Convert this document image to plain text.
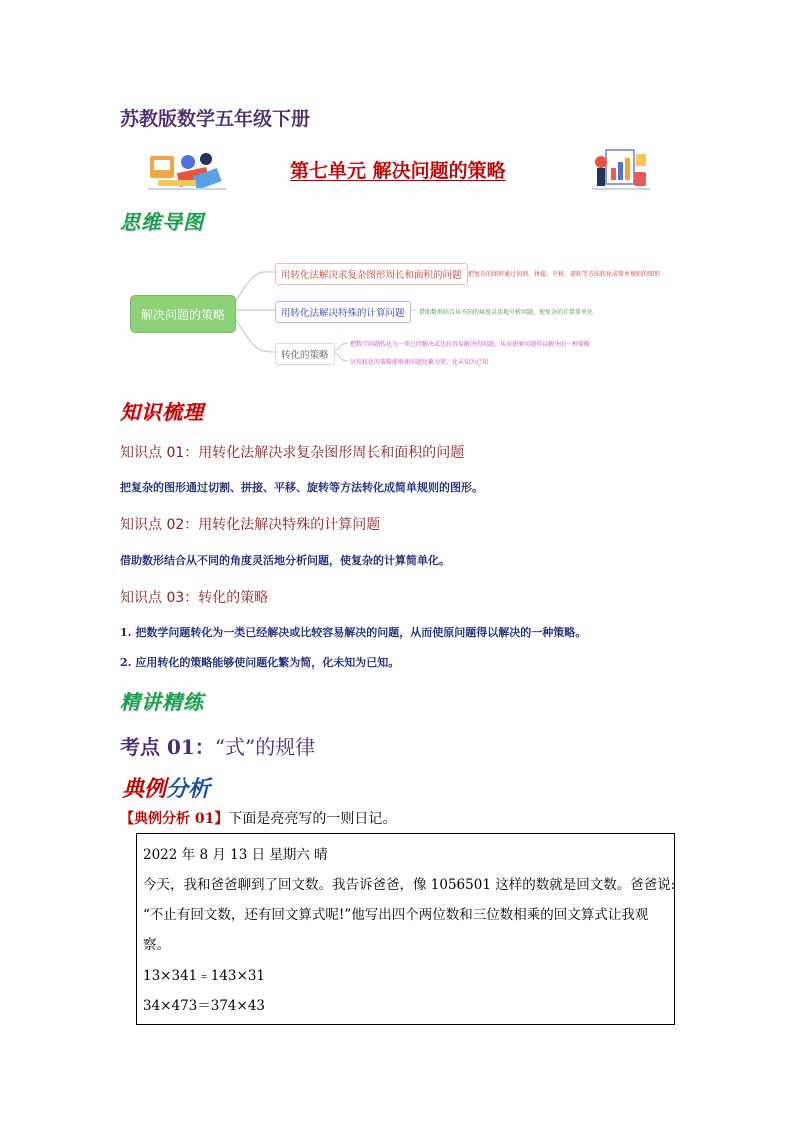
苏教版数学五年级下册
第七单元 解决问题的策略
思维导图
解决问题的策略
用转化法解决求复杂图形周长和面积的问题	把复杂的图形通过切割、拼接、平移、旋转等方法转化成简单规则的图形
用转化法解决特殊的计算问题	借助数形结合从不同的角度灵活地分析问题，使复杂的计算简单化
转化的策略
把数学问题转化为一类已经解决或比较容易解决的问题，从而使原问题得以解决的一种策略
应用转化的策略能够使问题化繁为简，化未知为已知
知识梳理
知识点 01：用转化法解决求复杂图形周长和面积的问题
把复杂的图形通过切割、拼接、平移、旋转等方法转化成简单规则的图形。
知识点 02：用转化法解决特殊的计算问题
借助数形结合从不同的角度灵活地分析问题，使复杂的计算简单化。
知识点 03：转化的策略
1. 把数学问题转化为一类已经解决或比较容易解决的问题，从而使原问题得以解决的一种策略。
2. 应用转化的策略能够使问题化繁为简，化未知为已知。
精讲精练
考点 01：“式”的规律
典例分析
【典例分析 01】下面是亮亮写的一则日记。
2022 年 8 月 13 日 星期六 晴
今天，我和爸爸聊到了回文数。我告诉爸爸，像 1056501 这样的数就是回文数。爸爸说:
“不止有回文数，还有回文算式呢!”他写出四个两位数和三位数相乘的回文算式让我观
察。
13×341﹦143×31
34×473＝374×43
